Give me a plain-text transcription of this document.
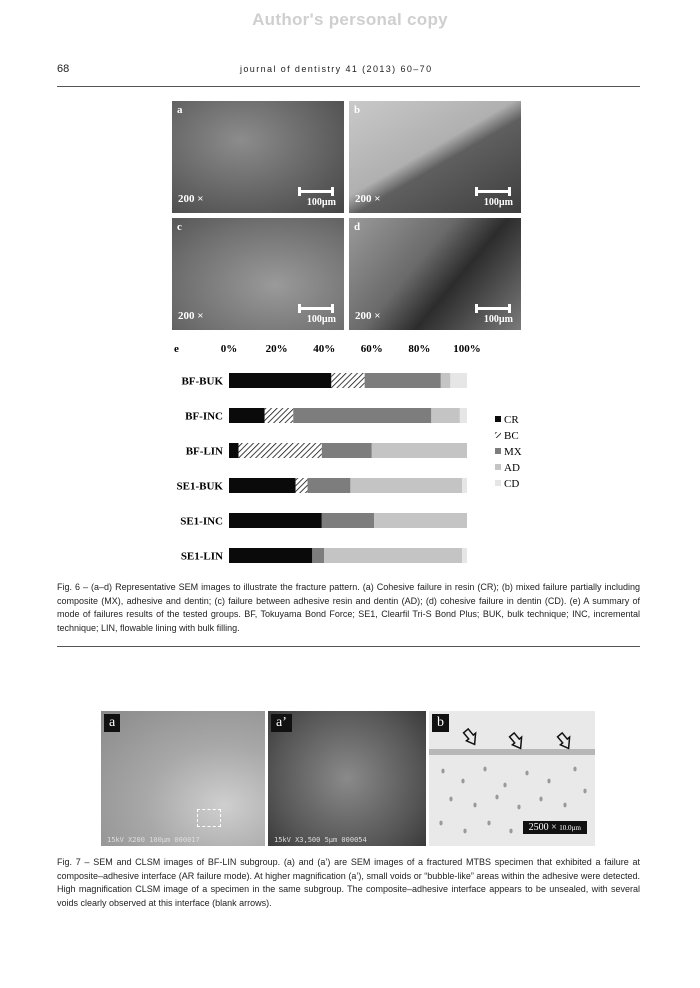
Author's personal copy
68	journal of dentistry 41 (2013) 60–70
a
200 ×	100µm
b
200 ×	100µm
c
200 ×	100µm
d
200 ×	100µm
e	0%	20% 40% 60% 80% 100%
BF-BUK
BF-INC
BF-LIN
SE1-BUK
SE1-INC
SE1-LIN
CR
BC
MX
AD
CD
Fig. 6 – (a–d) Representative SEM images to illustrate the fracture pattern. (a) Cohesive failure in resin (CR); (b) mixed failure partially including composite (MX), adhesive and dentin; (c) failure between adhesive resin and dentin (AD); (d) cohesive failure in dentin (CD). (e) A summary of mode of failures results of the tested groups. BF, Tokuyama Bond Force; SE1, Clearfil Tri-S Bond Plus; BUK, bulk technique; INC, incremental technique; LIN, flowable lining with bulk filling.
a
15kV X200 100µm 000017
a’
15kV X3,500 5µm 000054
b
2500 × 10.0µm
Fig. 7 – SEM and CLSM images of BF-LIN subgroup. (a) and (a’) are SEM images of a fractured MTBS specimen that exhibited a failure at composite–adhesive interface (AR failure mode). At higher magnification (a’), small voids or “bubble-like” areas within the adhesive were detected. High magnification CLSM image of a specimen in the same subgroup. The composite–adhesive interface appears to be unsealed, with several voids clearly observed at this interface (blank arrows).
